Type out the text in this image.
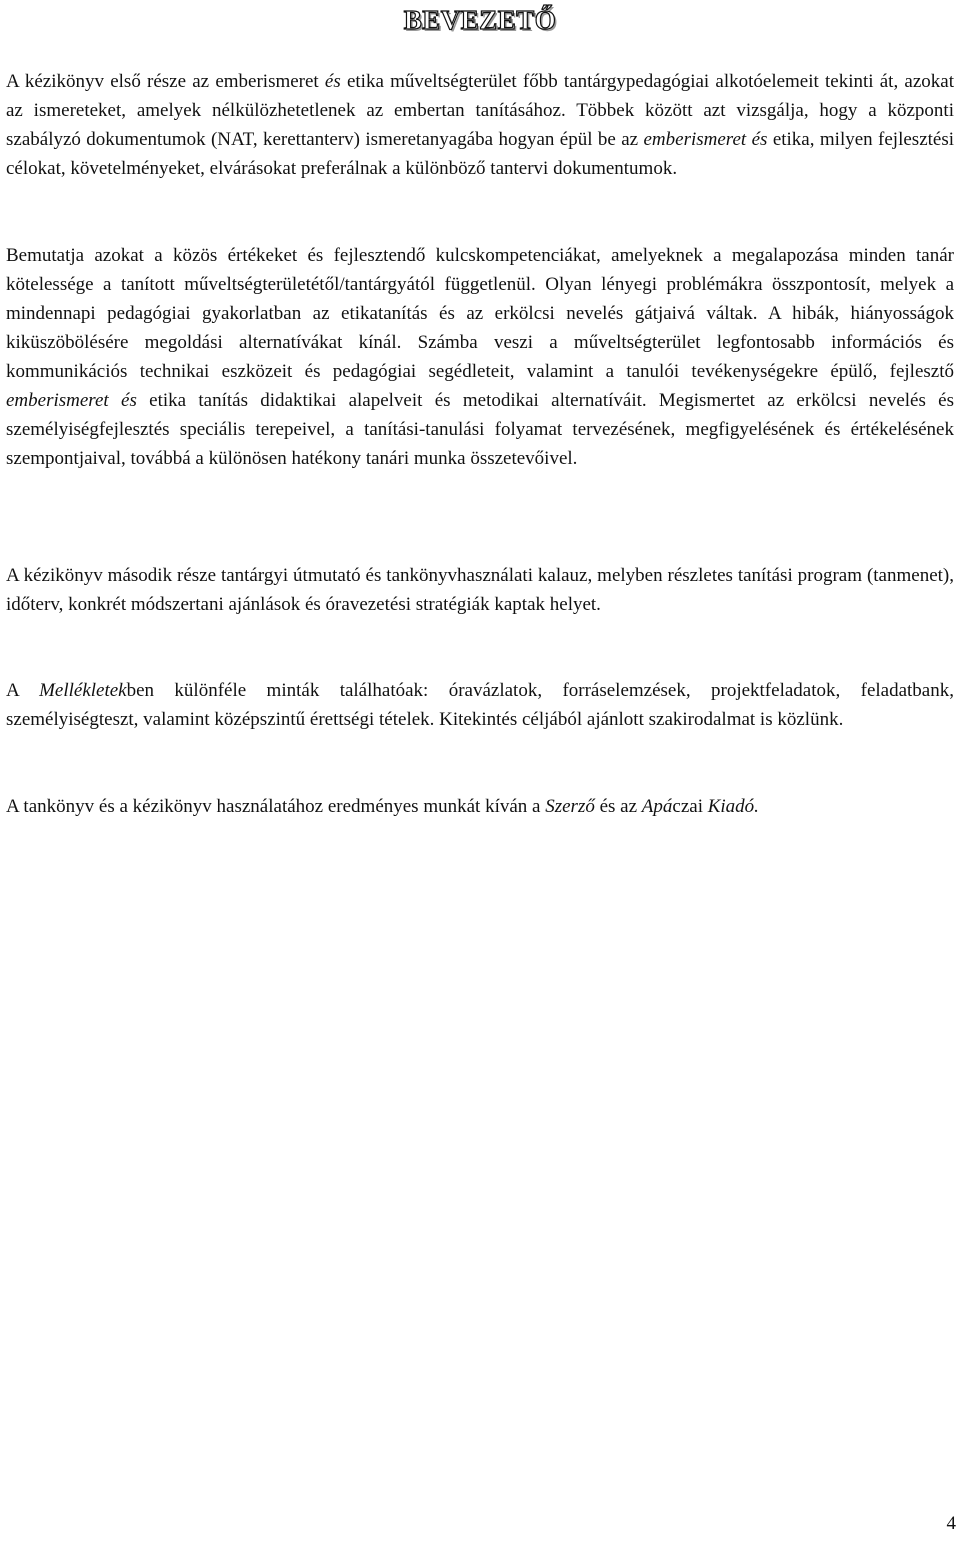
BEVEZETŐ

A kézikönyv első része az emberismeret és etika műveltségterület főbb tantárgypedagógiai alkotóelemeit tekinti át, azokat az ismereteket, amelyek nélkülözhetetlenek az embertan tanításához. Többek között azt vizsgálja, hogy a központi szabályzó dokumentumok (NAT, kerettanterv) ismeretanyagába hogyan épül be az emberismeret és etika, milyen fejlesztési célokat, követelményeket, elvárásokat preferálnak a különböző tantervi dokumentumok.

Bemutatja azokat a közös értékeket és fejlesztendő kulcskompetenciákat, amelyeknek a megalapozása minden tanár kötelessége a tanított műveltségterületétől/tantárgyától függetlenül. Olyan lényegi problémákra összpontosít, melyek a mindennapi pedagógiai gyakorlatban az etikatanítás és az erkölcsi nevelés gátjaivá váltak. A hibák, hiányosságok kiküszöbölésére megoldási alternatívákat kínál. Számba veszi a műveltségterület legfontosabb információs és kommunikációs technikai eszközeit és pedagógiai segédleteit, valamint a tanulói tevékenységekre épülő, fejlesztő emberismeret és etika tanítás didaktikai alapelveit és metodikai alternatíváit. Megismertet az erkölcsi nevelés és személyiségfejlesztés speciális terepeivel, a tanítási-tanulási folyamat tervezésének, megfigyelésének és értékelésének szempontjaival, továbbá a különösen hatékony tanári munka összetevőivel.

A kézikönyv második része tantárgyi útmutató és tankönyvhasználati kalauz, melyben részletes tanítási program (tanmenet), időterv, konkrét módszertani ajánlások és óravezetési stratégiák kaptak helyet.

A Mellékletekben különféle minták találhatóak: óravázlatok, forráselemzések, projektfeladatok, feladatbank, személyiségteszt, valamint középszintű érettségi tételek. Kitekintés céljából ajánlott szakirodalmat is közlünk.

A tankönyv és a kézikönyv használatához eredményes munkát kíván a Szerző és az Apáczai Kiadó.

4
